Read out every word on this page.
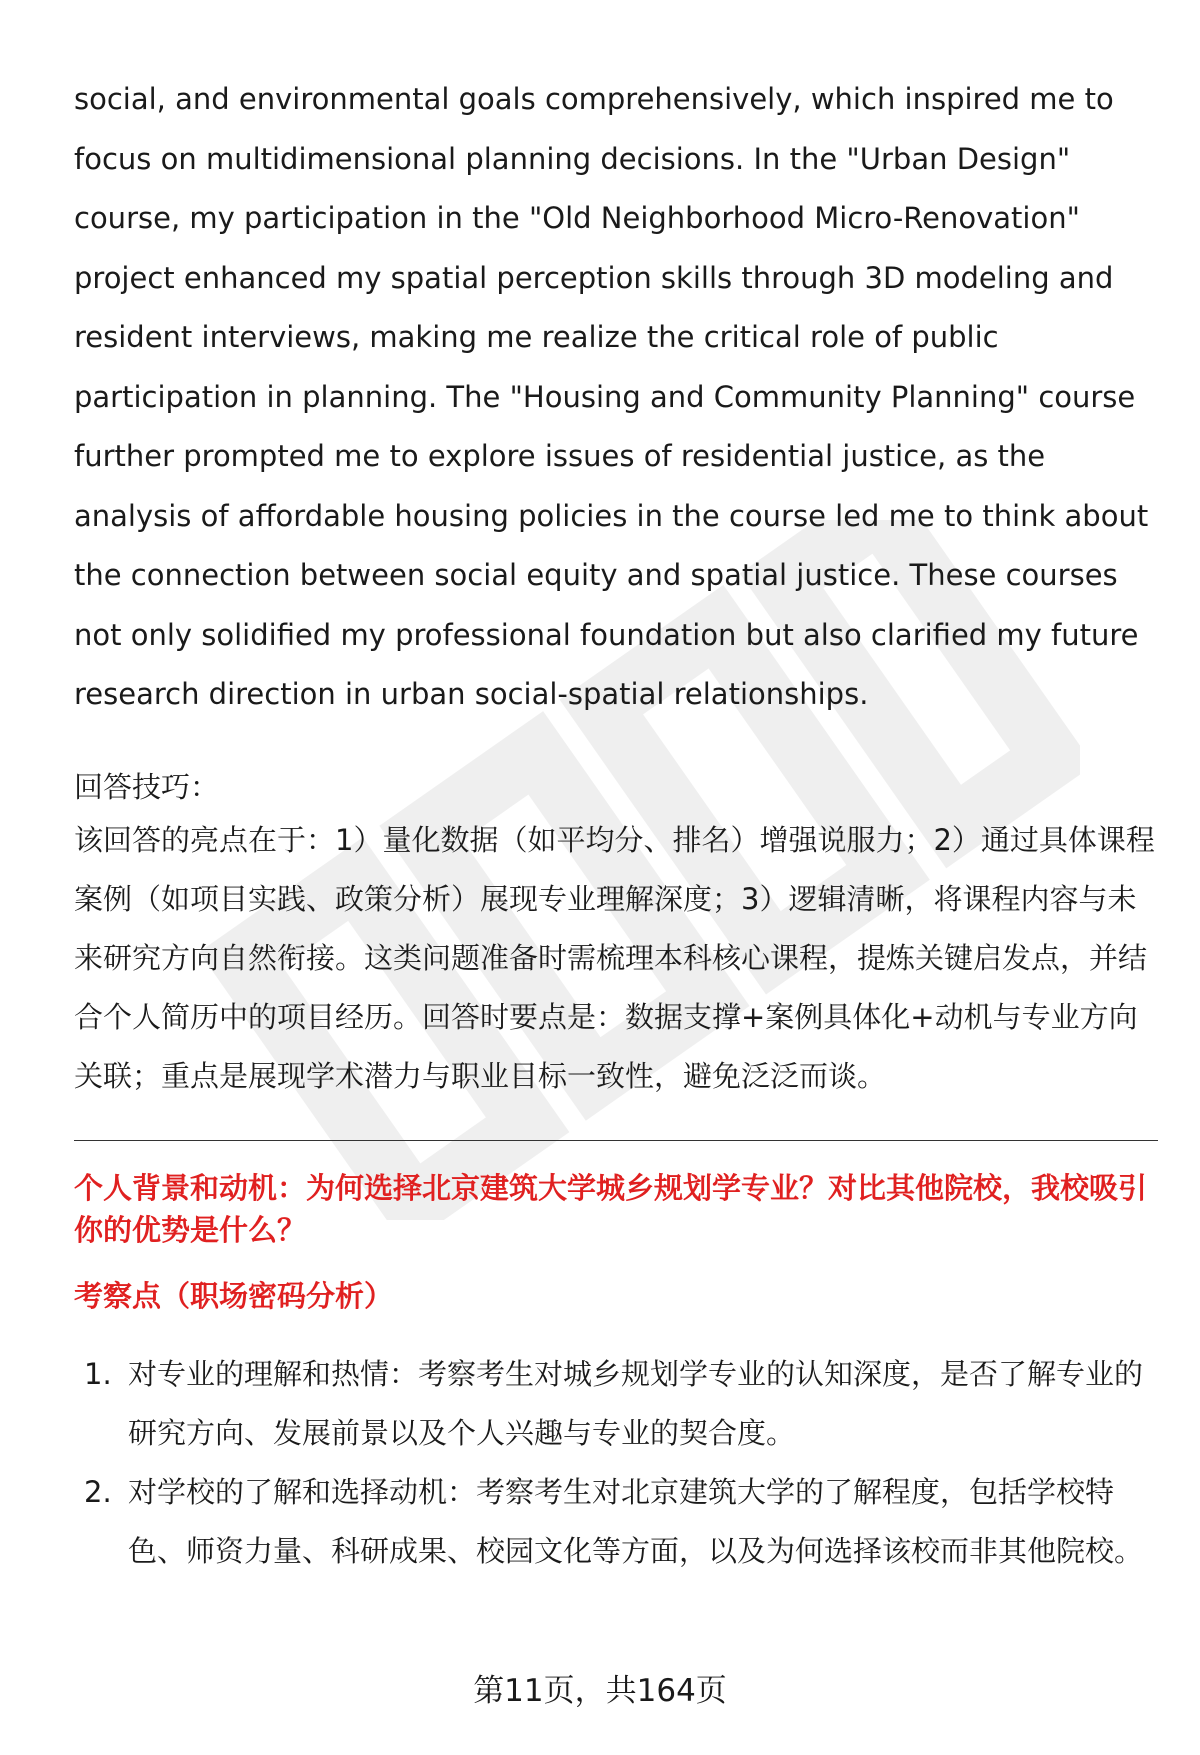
social, and environmental goals comprehensively, which inspired me to focus on multidimensional planning decisions. In the "Urban Design" course, my participation in the "Old Neighborhood Micro-Renovation" project enhanced my spatial perception skills through 3D modeling and resident interviews, making me realize the critical role of public participation in planning. The "Housing and Community Planning" course further prompted me to explore issues of residential justice, as the analysis of affordable housing policies in the course led me to think about the connection between social equity and spatial justice. These courses not only solidified my professional foundation but also clarified my future research direction in urban social-spatial relationships.

回答技巧：
该回答的亮点在于：1）量化数据（如平均分、排名）增强说服力；2）通过具体课程案例（如项目实践、政策分析）展现专业理解深度；3）逻辑清晰，将课程内容与未来研究方向自然衔接。这类问题准备时需梳理本科核心课程，提炼关键启发点，并结合个人简历中的项目经历。回答时要点是：数据支撑+案例具体化+动机与专业方向关联；重点是展现学术潜力与职业目标一致性，避免泛泛而谈。
个人背景和动机：为何选择北京建筑大学城乡规划学专业？对比其他院校，我校吸引你的优势是什么？
考察点（职场密码分析）
1. 对专业的理解和热情：考察考生对城乡规划学专业的认知深度，是否了解专业的研究方向、发展前景以及个人兴趣与专业的契合度。
2. 对学校的了解和选择动机：考察考生对北京建筑大学的了解程度，包括学校特色、师资力量、科研成果、校园文化等方面，以及为何选择该校而非其他院校。
第11页，共164页
